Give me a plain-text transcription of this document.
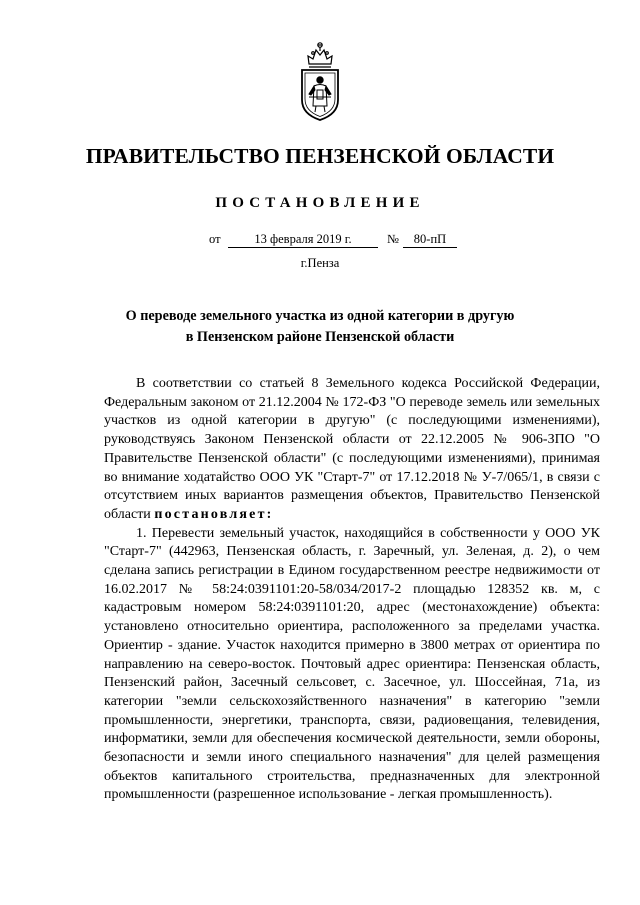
ПРАВИТЕЛЬСТВО ПЕНЗЕНСКОЙ ОБЛАСТИ
ПОСТАНОВЛЕНИЕ
от	13 февраля 2019 г.	№	80-пП
г.Пенза
О переводе земельного участка из одной категории в другую
в Пензенском районе Пензенской области

В соответствии со статьей 8 Земельного кодекса Российской Федерации, Федеральным законом от 21.12.2004 № 172-ФЗ "О переводе земель или земельных участков из одной категории в другую" (с последующими изменениями), руководствуясь Законом Пензенской области от 22.12.2005 № 906-ЗПО "О Правительстве Пензенской области" (с последующими изменениями), принимая во внимание ходатайство ООО УК "Старт-7" от 17.12.2018 № У-7/065/1, в связи с отсутствием иных вариантов размещения объектов, Правительство Пензенской области постановляет:

1. Перевести земельный участок, находящийся в собственности у ООО УК "Старт-7" (442963, Пензенская область, г. Заречный, ул. Зеленая, д. 2), о чем сделана запись регистрации в Едином государственном реестре недвижимости от 16.02.2017 № 58:24:0391101:20-58/034/2017-2 площадью 128352 кв. м, с кадастровым номером 58:24:0391101:20, адрес (местонахождение) объекта: установлено относительно ориентира, расположенного за пределами участка. Ориентир - здание. Участок находится примерно в 3800 метрах от ориентира по направлению на северо-восток. Почтовый адрес ориентира: Пензенская область, Пензенский район, Засечный сельсовет, с. Засечное, ул. Шоссейная, 71а, из категории "земли сельскохозяйственного назначения" в категорию "земли промышленности, энергетики, транспорта, связи, радиовещания, телевидения, информатики, земли для обеспечения космической деятельности, земли обороны, безопасности и земли иного специального назначения" для целей размещения объектов капитального строительства, предназначенных для электронной промышленности (разрешенное использование - легкая промышленность).
